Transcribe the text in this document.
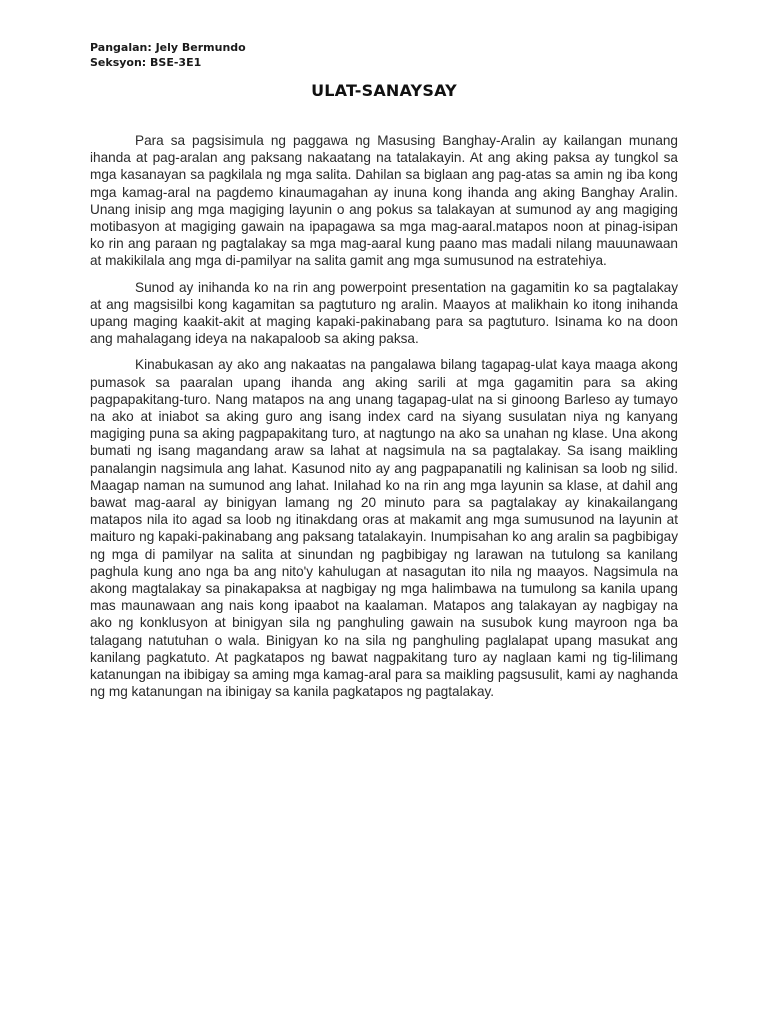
Pangalan: Jely Bermundo
Seksyon: BSE-3E1
ULAT-SANAYSAY

Para sa pagsisimula ng paggawa ng Masusing Banghay-Aralin ay kailangan munang ihanda at pag-aralan ang paksang nakaatang na tatalakayin. At ang aking paksa ay tungkol sa mga kasanayan sa pagkilala ng mga salita. Dahilan sa biglaan ang pag-atas sa amin ng iba kong mga kamag-aral na pagdemo kinaumagahan ay inuna kong ihanda ang aking Banghay Aralin. Unang inisip ang mga magiging layunin o ang pokus sa talakayan at sumunod ay ang magiging motibasyon at magiging gawain na ipapagawa sa mga mag-aaral.matapos noon at pinag-isipan ko rin ang paraan ng pagtalakay sa mga mag-aaral kung paano mas madali nilang mauunawaan at makikilala ang mga di-pamilyar na salita gamit ang mga sumusunod na estratehiya.

Sunod ay inihanda ko na rin ang powerpoint presentation na gagamitin ko sa pagtalakay at ang magsisilbi kong kagamitan sa pagtuturo ng aralin. Maayos at malikhain ko itong inihanda upang maging kaakit-akit at maging kapaki-pakinabang para sa pagtuturo. Isinama ko na doon ang mahalagang ideya na nakapaloob sa aking paksa.

Kinabukasan ay ako ang nakaatas na pangalawa bilang tagapag-ulat kaya maaga akong pumasok sa paaralan upang ihanda ang aking sarili at mga gagamitin para sa aking pagpapakitang-turo. Nang matapos na ang unang tagapag-ulat na si ginoong Barleso ay tumayo na ako at iniabot sa aking guro ang isang index card na siyang susulatan niya ng kanyang magiging puna sa aking pagpapakitang turo, at nagtungo na ako sa unahan ng klase. Una akong bumati ng isang magandang araw sa lahat at nagsimula na sa pagtalakay. Sa isang maikling panalangin nagsimula ang lahat. Kasunod nito ay ang pagpapanatili ng kalinisan sa loob ng silid. Maagap naman na sumunod ang lahat. Inilahad ko na rin ang mga layunin sa klase, at dahil ang bawat mag-aaral ay binigyan lamang ng 20 minuto para sa pagtalakay ay kinakailangang matapos nila ito agad sa loob ng itinakdang oras at makamit ang mga sumusunod na layunin at maituro ng kapaki-pakinabang ang paksang tatalakayin. Inumpisahan ko ang aralin sa pagbibigay ng mga di pamilyar na salita at sinundan ng pagbibigay ng larawan na tutulong sa kanilang paghula kung ano nga ba ang nito'y kahulugan at nasagutan ito nila ng maayos. Nagsimula na akong magtalakay sa pinakapaksa at nagbigay ng mga halimbawa na tumulong sa kanila upang mas maunawaan ang nais kong ipaabot na kaalaman. Matapos ang talakayan ay nagbigay na ako ng konklusyon at binigyan sila ng panghuling gawain na susubok kung mayroon nga ba talagang natutuhan o wala. Binigyan ko na sila ng panghuling paglalapat upang masukat ang kanilang pagkatuto. At pagkatapos ng bawat nagpakitang turo ay naglaan kami ng tig-lilimang katanungan na ibibigay sa aming mga kamag-aral para sa maikling pagsusulit, kami ay naghanda ng mg katanungan na ibinigay sa kanila pagkatapos ng pagtalakay.
